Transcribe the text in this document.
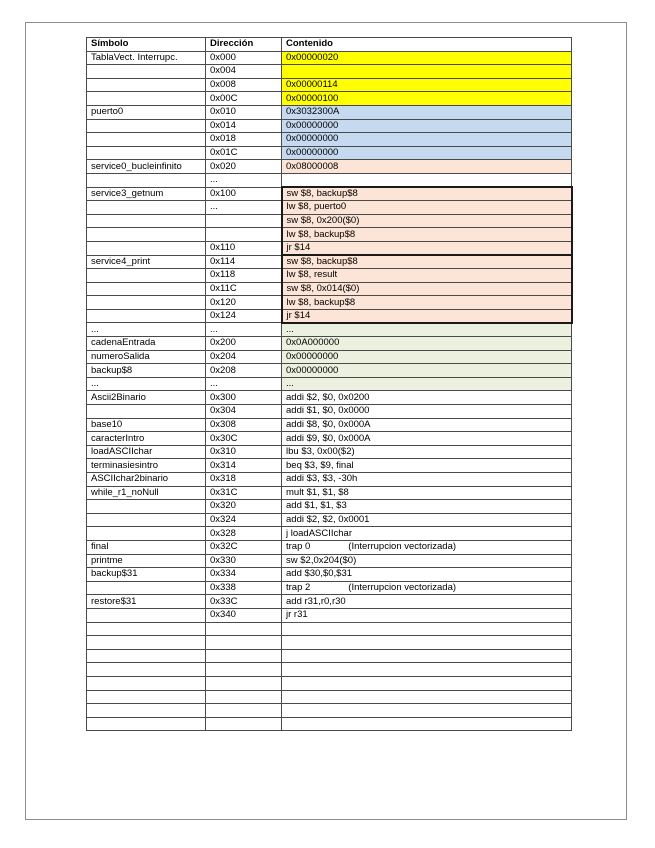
Símbolo	Dirección	Contenido
TablaVect. Interrupc.	0x000	0x00000020
	0x004	
	0x008	0x00000114
	0x00C	0x00000100
puerto0	0x010	0x3032300A
	0x014	0x00000000
	0x018	0x00000000
	0x01C	0x00000000
service0_bucleinfinito	0x020	0x08000008
	...	
service3_getnum	0x100	sw $8, backup$8
	...	lw $8, puerto0
		sw $8, 0x200($0)
		lw $8, backup$8
	0x110	jr $14
service4_print	0x114	sw $8, backup$8
	0x118	lw $8, result
	0x11C	sw $8, 0x014($0)
	0x120	lw $8, backup$8
	0x124	jr $14
...	...	...
cadenaEntrada	0x200	0x0A000000
numeroSalida	0x204	0x00000000
backup$8	0x208	0x00000000
...	...	...
Ascii2Binario	0x300	addi $2, $0, 0x0200
	0x304	addi $1, $0, 0x0000
base10	0x308	addi $8, $0, 0x000A
caracterIntro	0x30C	addi $9, $0, 0x000A
loadASCIIchar	0x310	lbu $3, 0x00($2)
terminasiesintro	0x314	beq $3, $9, final
ASCIIchar2binario	0x318	addi $3, $3, -30h
while_r1_noNull	0x31C	mult $1, $1, $8
	0x320	add $1, $1, $3
	0x324	addi $2, $2, 0x0001
	0x328	j loadASCIIchar
final	0x32C	trap 0 (Interrupcion vectorizada)
printme	0x330	sw $2,0x204($0)
backup$31	0x334	add $30,$0,$31
	0x338	trap 2 (Interrupcion vectorizada)
restore$31	0x33C	add r31,r0,r30
	0x340	jr r31
